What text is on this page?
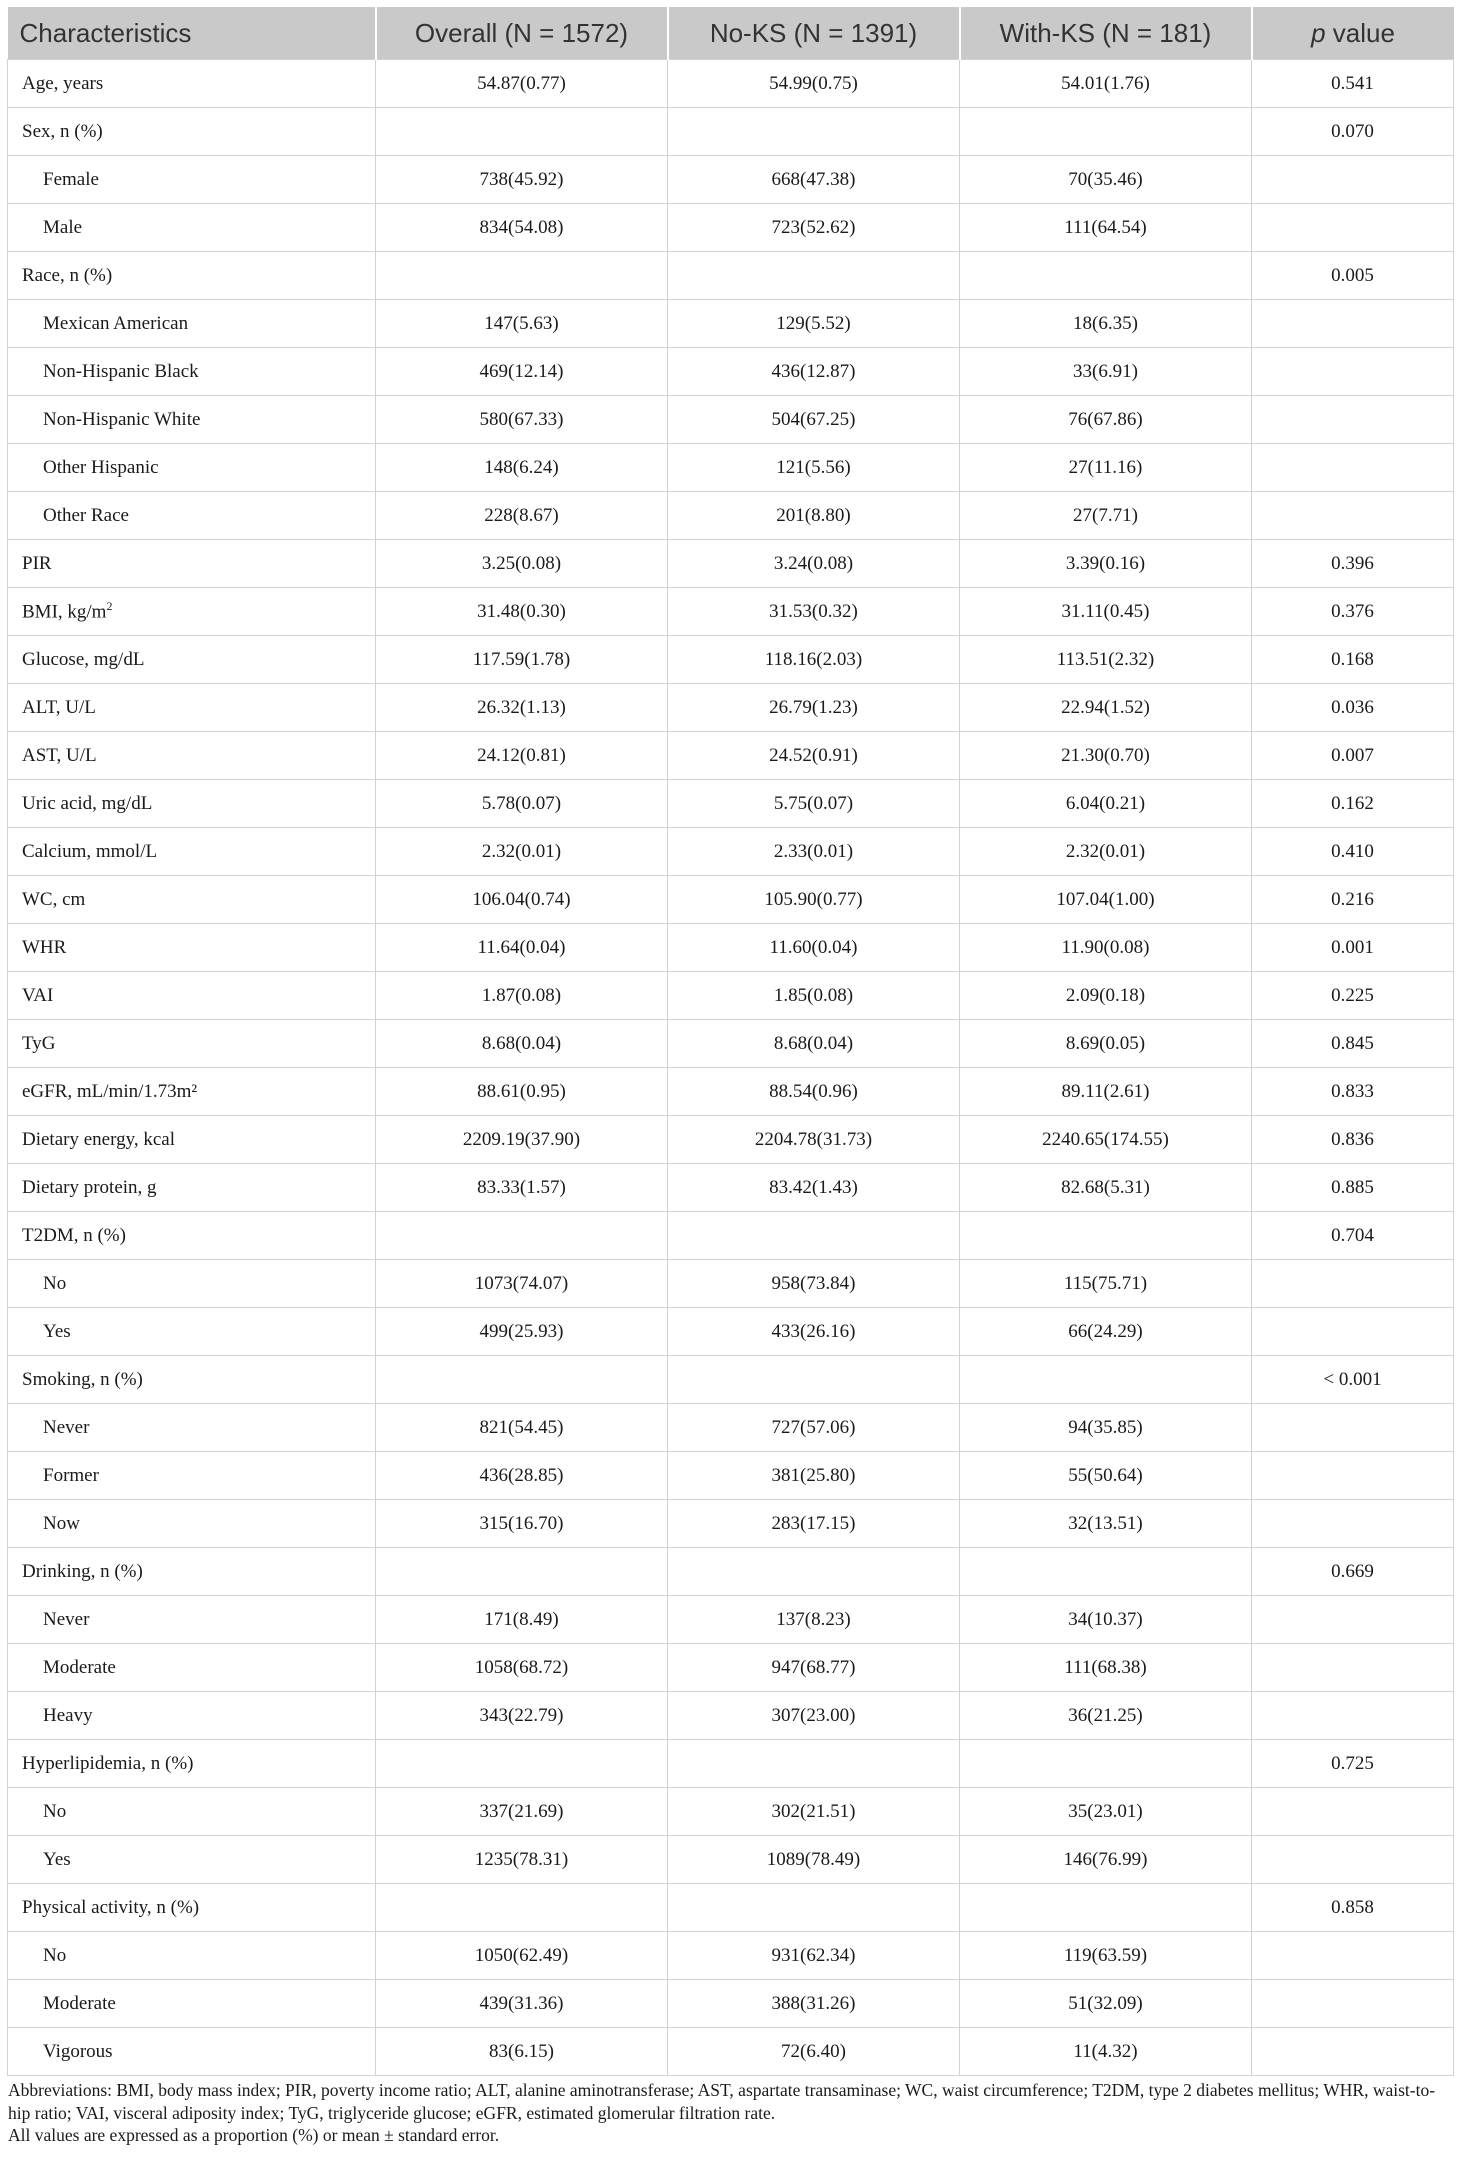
Characteristics	Overall (N = 1572)	No-KS (N = 1391)	With-KS (N = 181)	p value
Age, years	54.87(0.77)	54.99(0.75)	54.01(1.76)	0.541
Sex, n (%)				0.070
Female	738(45.92)	668(47.38)	70(35.46)	
Male	834(54.08)	723(52.62)	111(64.54)	
Race, n (%)				0.005
Mexican American	147(5.63)	129(5.52)	18(6.35)	
Non-Hispanic Black	469(12.14)	436(12.87)	33(6.91)	
Non-Hispanic White	580(67.33)	504(67.25)	76(67.86)	
Other Hispanic	148(6.24)	121(5.56)	27(11.16)	
Other Race	228(8.67)	201(8.80)	27(7.71)	
PIR	3.25(0.08)	3.24(0.08)	3.39(0.16)	0.396
BMI, $kg/m^2$	31.48(0.30)	31.53(0.32)	31.11(0.45)	0.376
Glucose, mg/dL	117.59(1.78)	118.16(2.03)	113.51(2.32)	0.168
ALT, U/L	26.32(1.13)	26.79(1.23)	22.94(1.52)	0.036
AST, U/L	24.12(0.81)	24.52(0.91)	21.30(0.70)	0.007
Uric acid, mg/dL	5.78(0.07)	5.75(0.07)	6.04(0.21)	0.162
Calcium, mmol/L	2.32(0.01)	2.33(0.01)	2.32(0.01)	0.410
WC, cm	106.04(0.74)	105.90(0.77)	107.04(1.00)	0.216
WHR	11.64(0.04)	11.60(0.04)	11.90(0.08)	0.001
VAI	1.87(0.08)	1.85(0.08)	2.09(0.18)	0.225
TyG	8.68(0.04)	8.68(0.04)	8.69(0.05)	0.845
eGFR, mL/min/1.73m²	88.61(0.95)	88.54(0.96)	89.11(2.61)	0.833
Dietary energy, kcal	2209.19(37.90)	2204.78(31.73)	2240.65(174.55)	0.836
Dietary protein, g	83.33(1.57)	83.42(1.43)	82.68(5.31)	0.885
T2DM, n (%)				0.704
No	1073(74.07)	958(73.84)	115(75.71)	
Yes	499(25.93)	433(26.16)	66(24.29)	
Smoking, n (%)				< 0.001
Never	821(54.45)	727(57.06)	94(35.85)	
Former	436(28.85)	381(25.80)	55(50.64)	
Now	315(16.70)	283(17.15)	32(13.51)	
Drinking, n (%)				0.669
Never	171(8.49)	137(8.23)	34(10.37)	
Moderate	1058(68.72)	947(68.77)	111(68.38)	
Heavy	343(22.79)	307(23.00)	36(21.25)	
Hyperlipidemia, n (%)				0.725
No	337(21.69)	302(21.51)	35(23.01)	
Yes	1235(78.31)	1089(78.49)	146(76.99)	
Physical activity, n (%)				0.858
No	1050(62.49)	931(62.34)	119(63.59)	
Moderate	439(31.36)	388(31.26)	51(32.09)	
Vigorous	83(6.15)	72(6.40)	11(4.32)	

Abbreviations: BMI, body mass index; PIR, poverty income ratio; ALT, alanine aminotransferase; AST, aspartate transaminase; WC, waist circumference; T2DM, type 2 diabetes mellitus; WHR, waist-to-hip ratio; VAI, visceral adiposity index; TyG, triglyceride glucose; eGFR, estimated glomerular filtration rate.

All values are expressed as a proportion (%) or mean ± standard error.
